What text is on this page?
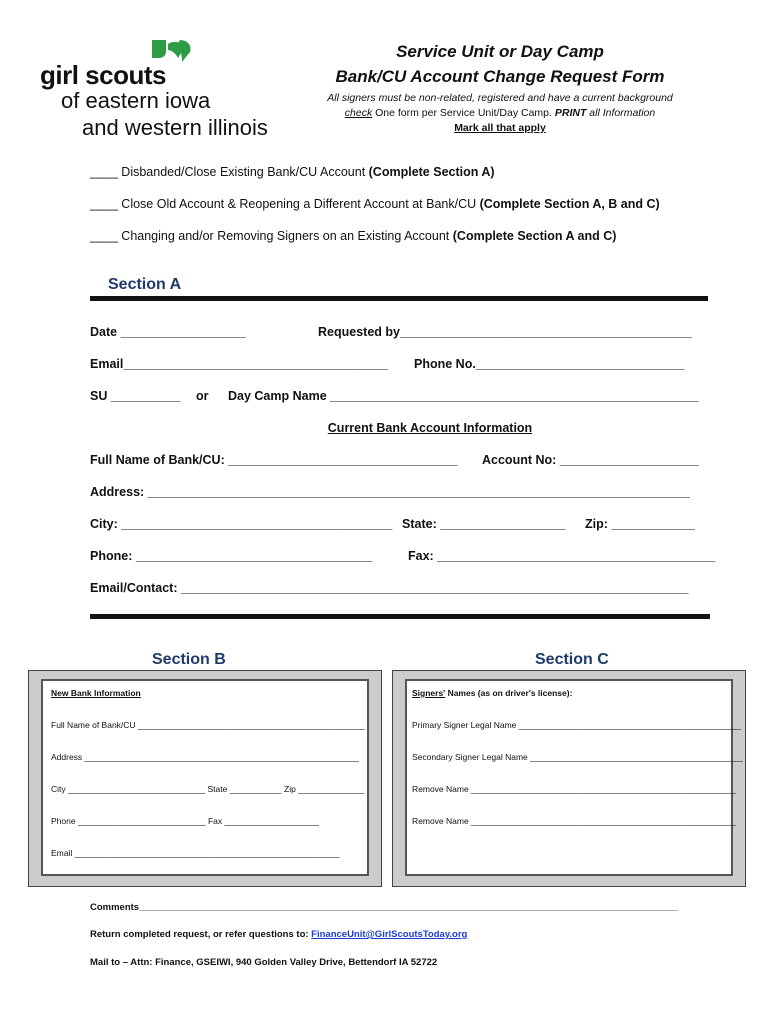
girl scouts
of eastern iowa
and western illinois
Service Unit or Day Camp
Bank/CU Account Change Request Form
All signers must be non-related, registered and have a current background
check One form per Service Unit/Day Camp. PRINT all Information
Mark all that apply
____ Disbanded/Close Existing Bank/CU Account (Complete Section A)
____ Close Old Account & Reopening a Different Account at Bank/CU (Complete Section A, B and C)
____ Changing and/or Removing Signers on an Existing Account (Complete Section A and C)
Section A
Date __________________	Requested by__________________________________________
Email______________________________________ Phone No.______________________________
SU __________ or Day Camp Name _____________________________________________________
Current Bank Account Information
Full Name of Bank/CU: _________________________________ Account No: ____________________
Address: ______________________________________________________________________________
City: _______________________________________ State: __________________ Zip: ____________
Phone: __________________________________	Fax: ________________________________________
Email/Contact: _________________________________________________________________________
Section B	Section C
New Bank Information
Full Name of Bank/CU ________________________________________________
Address __________________________________________________________
City _____________________________ State ___________ Zip ______________
Phone ___________________________ Fax ____________________
Email ________________________________________________________
Signers' Names (as on driver's license):
Primary Signer Legal Name _______________________________________________
Secondary Signer Legal Name _____________________________________________
Remove Name ________________________________________________________
Remove Name ________________________________________________________
Comments______________________________________________________________________________________________________
Return completed request, or refer questions to: FinanceUnit@GirlScoutsToday.org
Mail to – Attn: Finance, GSEIWI, 940 Golden Valley Drive, Bettendorf IA 52722
